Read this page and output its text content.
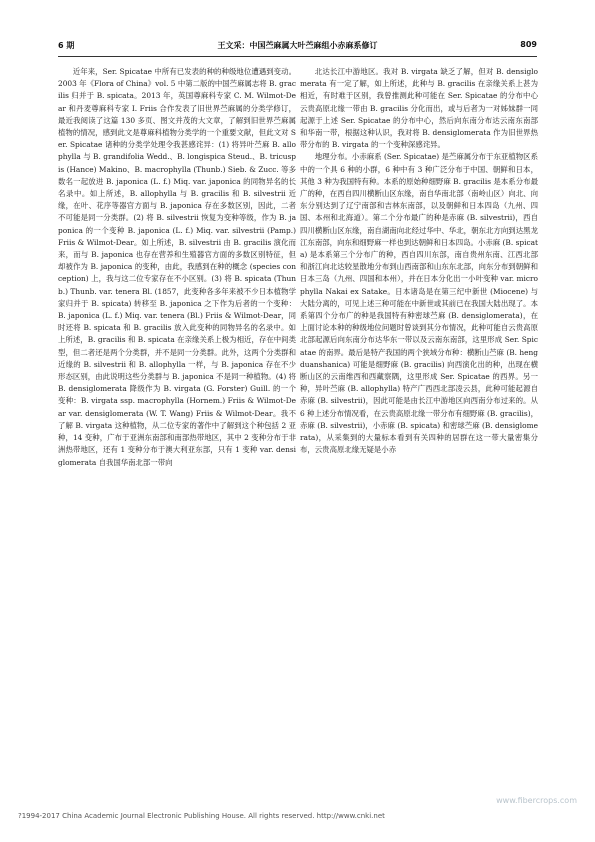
6 期	王文采：中国苎麻属大叶苎麻组小赤麻系修订	809

近年来，Ser. Spicatae 中所有已发表的种的种级地位遭遇到变动。2003 年《Flora of China》vol. 5 中第二版的中国苎麻属志将 B. gracilis 归并于 B. spicata。2013 年，英国尊麻科专家 C. M. Wilmot-Dear 和丹麦尊麻科专家 I. Friis 合作发表了旧世界苎麻属的分类学修订，最近我阅读了这篇 130 多页、图文并茂的大文章，了解到旧世界苎麻属植物的情况，感到此文是尊麻科植物分类学的一个重要文献，但此文对 Ser. Spicatae 诸种的分类学处理令我甚感诧异：(1) 将异叶苎麻 B. allophylla 与 B. grandifolia Wedd.、B. longispica Steud.、B. tricuspis (Hance) Makino、B. macrophylla (Thunb.) Sieb. & Zucc. 等多数名一起放进 B. japonica (L. f.) Miq. var. japonica 的同物异名的长名录中。如上所述，B. allophylla 与 B. gracilis 和 B. silvestrii 近缘，在叶、花序等器官方面与 B. japonica 存在多数区别，因此，二者不可能是同一分类群。(2) 将 B. silvestrii 恢复为变种等级，作为 B. japonica 的一个变种 B. japonica (L. f.) Miq. var. silvestrii (Pamp.) Friis & Wilmot-Dear。如上所述，B. silvestrii 由 B. gracilis 演化而来，而与 B. japonica 也存在营养和生殖器官方面的多数区别特征，但却被作为 B. japonica 的变种，由此，我感到在种的概念 (species conception) 上，我与这二位专家存在不小区别。(3) 将 B. spicata (Thunb.) Thunb. var. tenera Bl. (1857，此变种各多年来被不少日本植物学家归并于 B. spicata) 转移至 B. japonica 之下作为后者的一个变种：B. japonica (L. f.) Miq. var. tenera (Bl.) Friis & Wilmot-Dear，同时还将 B. spicata 和 B. gracilis 放入此变种的同物异名的名录中。如上所述，B. gracilis 和 B. spicata 在亲缘关系上极为相近，存在中间类型，但二者还是两个分类群，并不是同一分类群。此外，这两个分类群和近缘的 B. silvestrii 和 B. allophylla 一样，与 B. japonica 存在不少形态区别，由此说明这些分类群与 B. japonica 不是同一种植物。(4) 将 B. densiglomerata 降级作为 B. virgata (G. Forster) Guill. 的一个变种：B. virgata ssp. macrophylla (Hornem.) Friis & Wilmot-Dear var. densiglomerata (W. T. Wang) Friis & Wilmot-Dear。我不了解 B. virgata 这种植物，从二位专家的著作中了解到这个种包括 2 亚种，14 变种，广布于亚洲东南部和南部热带地区，其中 2 变种分布于非洲热带地区，还有 1 变种分布于澳大利亚东部，只有 1 变种 var. densiglomerata 自我国华南北部一带向

北达长江中游地区。我对 B. virgata 缺乏了解，但对 B. densiglomerata 有一定了解，如上所述，此种与 B. gracilis 在亲缘关系上甚为相近，有时难于区别，我曾推测此种可能在 Ser. Spicatae 的分布中心云贵高原北缘一带由 B. gracilis 分化而出，或与后者为一对姊妹群一同起源于上述 Ser. Spicatae 的分布中心，然后向东南分布达云南东南部和华南一带，根据这种认识，我对将 B. densiglomerata 作为旧世界热带分布的 B. virgata 的一个变种深感诧异。

地理分布。小赤麻系 (Ser. Spicatae) 是苎麻属分布于东亚植物区系中的一个具 6 种的小群，6 种中有 3 种广泛分布于中国、朝鲜和日本，其他 3 种为我国特有种。本系的原始种细野麻 B. gracilis 是本系分布最广的种，在西自四川横断山区东缘，南自华南北部（南岭山区）向北、向东分别达到了辽宁南部和吉林东南部，以及朝鲜和日本四岛（九州、四国、本州和北海道）。第二个分布最广的种是赤麻 (B. silvestrii)，西自四川横断山区东缘，南自湖南向北经过华中、华北，朝东北方向到达黑龙江东南部，向东和细野麻一样也到达朝鲜和日本四岛。小赤麻 (B. spicata) 是本系第三个分布广的种，西自四川东部，南自贵州东南、江西北部和浙江向北达较星散地分布到山西南部和山东东北部，向东分布到朝鲜和日本三岛（九州、四国和本州），并在日本分化出一小叶变种 var. microphylla Nakai ex Satake。日本诸岛是在第三纪中新世 (Miocene) 与大陆分离的，可见上述三种可能在中新世或其前已在我国大陆出现了。本系第四个分布广的种是我国特有种密球苎麻 (B. densiglomerata)，在上面讨论本种的种级地位问题时曾谈到其分布情况，此种可能自云贵高原北部起源后向东南分布达华东一带以及云南东南部，这里形成 Ser. Spicatae 的南界。最后是特产我国的两个狭域分布种：横断山苎麻 (B. hengduanshanica) 可能是细野麻 (B. gracilis) 向西演化出的种，出现在横断山区的云南维西和西藏察隅，这里形成 Ser. Spicatae 的西界。另一种，异叶苎麻 (B. allophylla) 特产广西西北部凌云县，此种可能起源自赤麻 (B. silvestrii)，因此可能是由长江中游地区向西南分布过来的。从 6 种上述分布情况看，在云贵高原北缘一带分布有细野麻 (B. gracilis)，赤麻 (B. silvestrii)，小赤麻 (B. spicata) 和密球苎麻 (B. densiglomerata)，从采集到的大量标本看到有关四种的居群在这一带大量密集分布，云贵高原北缘无疑是小赤

www.fibercrops.com
?1994-2017 China Academic Journal Electronic Publishing House. All rights reserved. http://www.cnki.net
